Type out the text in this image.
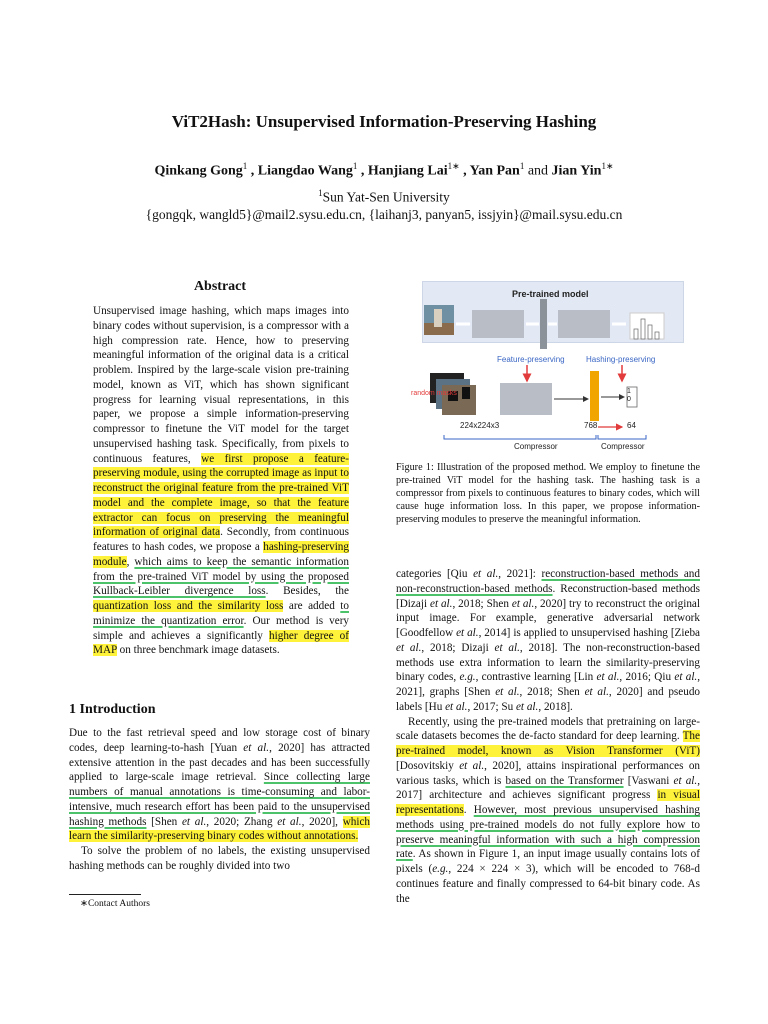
ViT2Hash: Unsupervised Information-Preserving Hashing
Qinkang Gong$^1$ , Liangdao Wang$^1$ , Hanjiang Lai$^{1∗}$ , Yan Pan$^1$ and Jian Yin$^{1∗}$
$^1$Sun Yat-Sen University
{gongqk, wangld5}@mail2.sysu.edu.cn, {laihanj3, panyan5, issjyin}@mail.sysu.edu.cn
Abstract
Unsupervised image hashing, which maps images into binary codes without supervision, is a compressor with a high compression rate. Hence, how to preserving meaningful information of the original data is a critical problem. Inspired by the large-scale vision pre-training model, known as ViT, which has shown significant progress for learning visual representations, in this paper, we propose a simple information-preserving compressor to finetune the ViT model for the target unsupervised hashing task. Specifically, from pixels to continuous features, we first propose a feature-preserving module, using the corrupted image as input to reconstruct the original feature from the pre-trained ViT model and the complete image, so that the feature extractor can focus on preserving the meaningful information of original data. Secondly, from continuous features to hash codes, we propose a hashing-preserving module, which aims to keep the semantic information from the pre-trained ViT model by using the proposed Kullback-Leibler divergence loss. Besides, the quantization loss and the similarity loss are added to minimize the quantization error. Our method is very simple and achieves a significantly higher degree of MAP on three benchmark image datasets.
1 Introduction

Due to the fast retrieval speed and low storage cost of binary codes, deep learning-to-hash [Yuan et al., 2020] has attracted extensive attention in the past decades and has been successfully applied to large-scale image retrieval. Since collecting large numbers of manual annotations is time-consuming and labor-intensive, much research effort has been paid to the unsupervised hashing methods [Shen et al., 2020; Zhang et al., 2020], which learn the similarity-preserving binary codes without annotations.

To solve the problem of no labels, the existing unsupervised hashing methods can be roughly divided into two

∗Contact Authors
Pre-trained model
Feature-preserving	Hashing-preserving
random masks
224x224x3	768	64
1
0
Compressor	Compressor
Figure 1: Illustration of the proposed method. We employ to finetune the pre-trained ViT model for the hashing task. The hashing task is a compressor from pixels to continuous features to binary codes, which will cause huge information loss. In this paper, we propose information-preserving modules to preserve the meaningful information.

categories [Qiu et al., 2021]: reconstruction-based methods and non-reconstruction-based methods. Reconstruction-based methods [Dizaji et al., 2018; Shen et al., 2020] try to reconstruct the original input image. For example, generative adversarial network [Goodfellow et al., 2014] is applied to unsupervised hashing [Zieba et al., 2018; Dizaji et al., 2018]. The non-reconstruction-based methods use extra information to learn the similarity-preserving binary codes, e.g., contrastive learning [Lin et al., 2016; Qiu et al., 2021], graphs [Shen et al., 2018; Shen et al., 2020] and pseudo labels [Hu et al., 2017; Su et al., 2018].

Recently, using the pre-trained models that pretraining on large-scale datasets becomes the de-facto standard for deep learning. The pre-trained model, known as Vision Transformer (ViT) [Dosovitskiy et al., 2020], attains inspirational performances on various tasks, which is based on the Transformer [Vaswani et al., 2017] architecture and achieves significant progress in visual representations. However, most previous unsupervised hashing methods using pre-trained models do not fully explore how to preserve meaningful information with such a high compression rate. As shown in Figure 1, an input image usually contains lots of pixels (e.g., 224 × 224 × 3), which will be encoded to 768-d continues feature and finally compressed to 64-bit binary code. As the
